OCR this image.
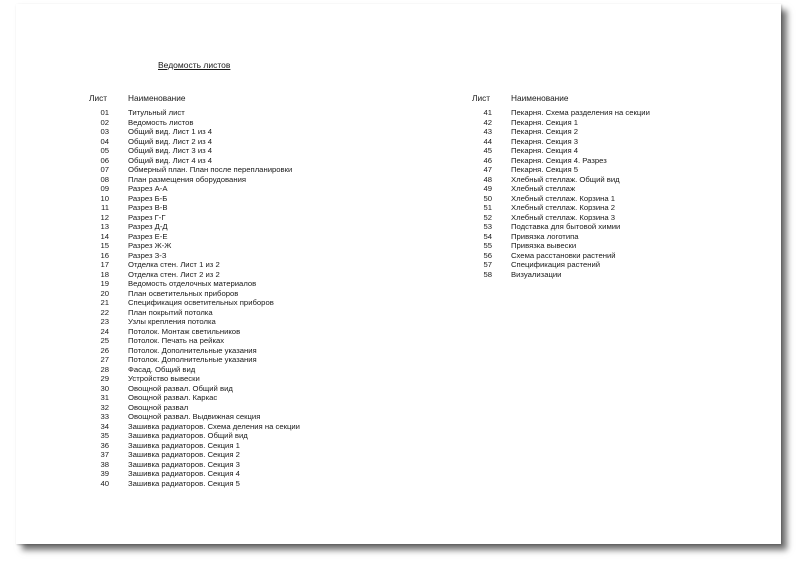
Ведомость листов
Лист	Наименование
01	Титульный лист
02	Ведомость листов
03	Общий вид. Лист 1 из 4
04	Общий вид. Лист 2 из 4
05	Общий вид. Лист 3 из 4
06	Общий вид. Лист 4 из 4
07	Обмерный план. План после перепланировки
08	План размещения оборудования
09	Разрез А-А
10	Разрез Б-Б
11	Разрез В-В
12	Разрез Г-Г
13	Разрез Д-Д
14	Разрез Е-Е
15	Разрез Ж-Ж
16	Разрез З-З
17	Отделка стен. Лист 1 из 2
18	Отделка стен. Лист 2 из 2
19	Ведомость отделочных материалов
20	План осветительных приборов
21	Спецификация осветительных приборов
22	План покрытий потолка
23	Узлы крепления потолка
24	Потолок. Монтаж светильников
25	Потолок. Печать на рейках
26	Потолок. Дополнительные указания
27	Потолок. Дополнительные указания
28	Фасад. Общий вид
29	Устройство вывески
30	Овощной развал. Общий вид
31	Овощной развал. Каркас
32	Овощной развал
33	Овощной развал. Выдвижная секция
34	Зашивка радиаторов. Схема деления на секции
35	Зашивка радиаторов. Общий вид
36	Зашивка радиаторов. Секция 1
37	Зашивка радиаторов. Секция 2
38	Зашивка радиаторов. Секция 3
39	Зашивка радиаторов. Секция 4
40	Зашивка радиаторов. Секция 5
Лист	Наименование
41	Пекарня. Схема разделения на секции
42	Пекарня. Секция 1
43	Пекарня. Секция 2
44	Пекарня. Секция 3
45	Пекарня. Секция 4
46	Пекарня. Секция 4. Разрез
47	Пекарня. Секция 5
48	Хлебный стеллаж. Общий вид
49	Хлебный стеллаж
50	Хлебный стеллаж. Корзина 1
51	Хлебный стеллаж. Корзина 2
52	Хлебный стеллаж. Корзина 3
53	Подставка для бытовой химии
54	Привязка логотипа
55	Привязка вывески
56	Схема расстановки растений
57	Спецификация растений
58	Визуализации
